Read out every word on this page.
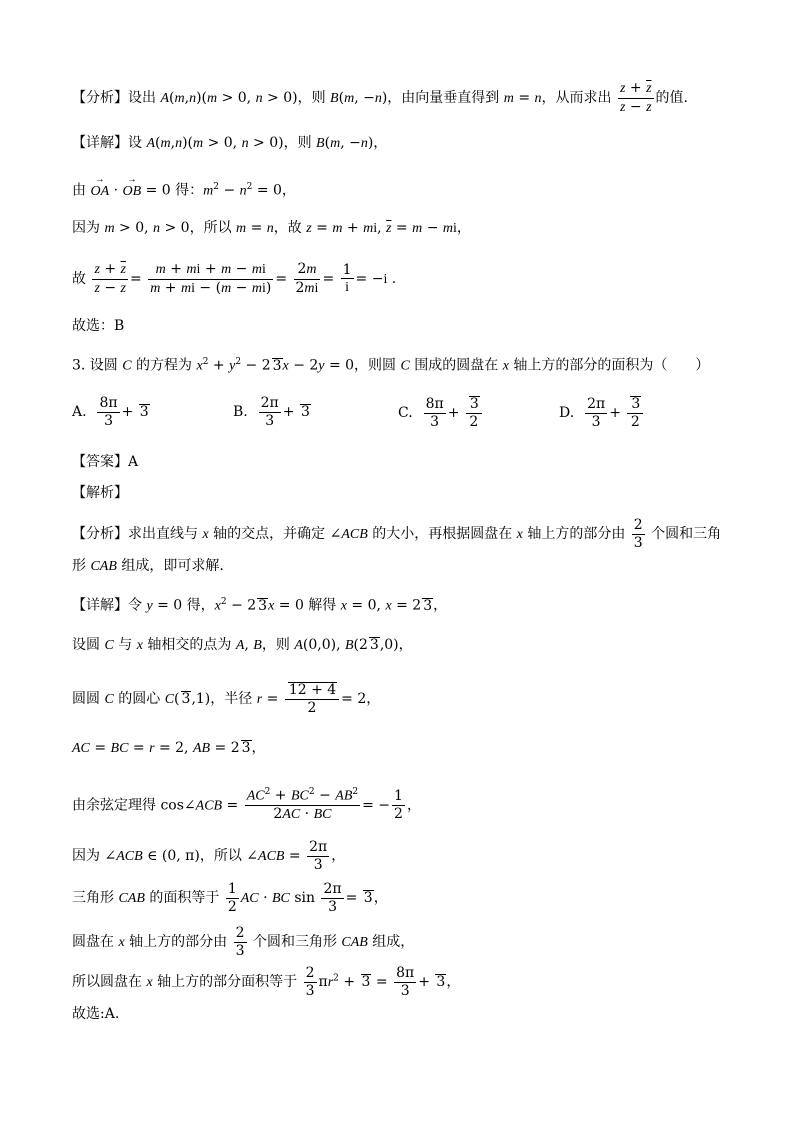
【分析】设出 A(m,n)(m > 0, n > 0)，则 B(m, −n)，由向量垂直得到 m = n，从而求出 $\frac{z + \overline{z}}{z - z}$ 的值.
【详解】设 A(m,n)(m > 0, n > 0)，则 B(m, −n)，
由 → OA · → OB = 0 得：$m^2 - n^2 = 0$，
因为 m > 0, n > 0，所以 m = n，故 z = m + mi, $\overline{z} = m$ − mi，
故 $\frac{z + \overline{z}}{z - z} = \frac{m + mi + m - mi}{m + mi - (m - mi)} = \frac{2m}{2mi} = \frac{1}{i} = -i$ .
故选：B
3. 设圆 C 的方程为 $x^2 + y^2 - 2$ 3x − 2y = 0，则圆 C 围成的圆盘在 x 轴上方的部分的面积为（　　）
A. $\frac{8\pi}{3} + 3$	B. $\frac{2\pi}{3} + 3$	C. $\frac{8\pi}{3} + \frac{3}{2}$	D. $\frac{2\pi}{3} + \frac{3}{2}$
【答案】A
【解析】
【分析】求出直线与 x 轴的交点，并确定 ∠ACB 的大小，再根据圆盘在 x 轴上方的部分由 $\frac{2}{3}$ 个圆和三角
形 CAB 组成，即可求解.
【详解】令 y = 0 得，$x^2 - 2$ 3x = 0 解得 x = 0, x = 2 3，
设圆 C 与 x 轴相交的点为 A, B，则 A(0,0), B(2 3,0)，
圆圆 C 的圆心 C( 3,1)，半径 $r = \frac{12 + 4}{2} = 2$，
AC = BC = r = 2, AB = 2 3，
由余弦定理得 cos∠ACB = $\frac{AC^2 + BC^2 - AB^2}{2AC \cdot BC}$ = − $\frac{1}{2}$ ，
因为 ∠ACB ∈ (0, π)，所以 ∠ACB = $\frac{2\pi}{3}$ ，
三角形 CAB 的面积等于 $\frac{1}{2}$ AC · BC $\sin \frac{2\pi}{3} = 3$，
圆盘在 x 轴上方的部分由 $\frac{2}{3}$ 个圆和三角形 CAB 组成，
所以圆盘在 x 轴上方的部分面积等于 $\frac{2}{3} \pi r^2 + 3 = \frac{8\pi}{3} + 3$，
故选:A.
